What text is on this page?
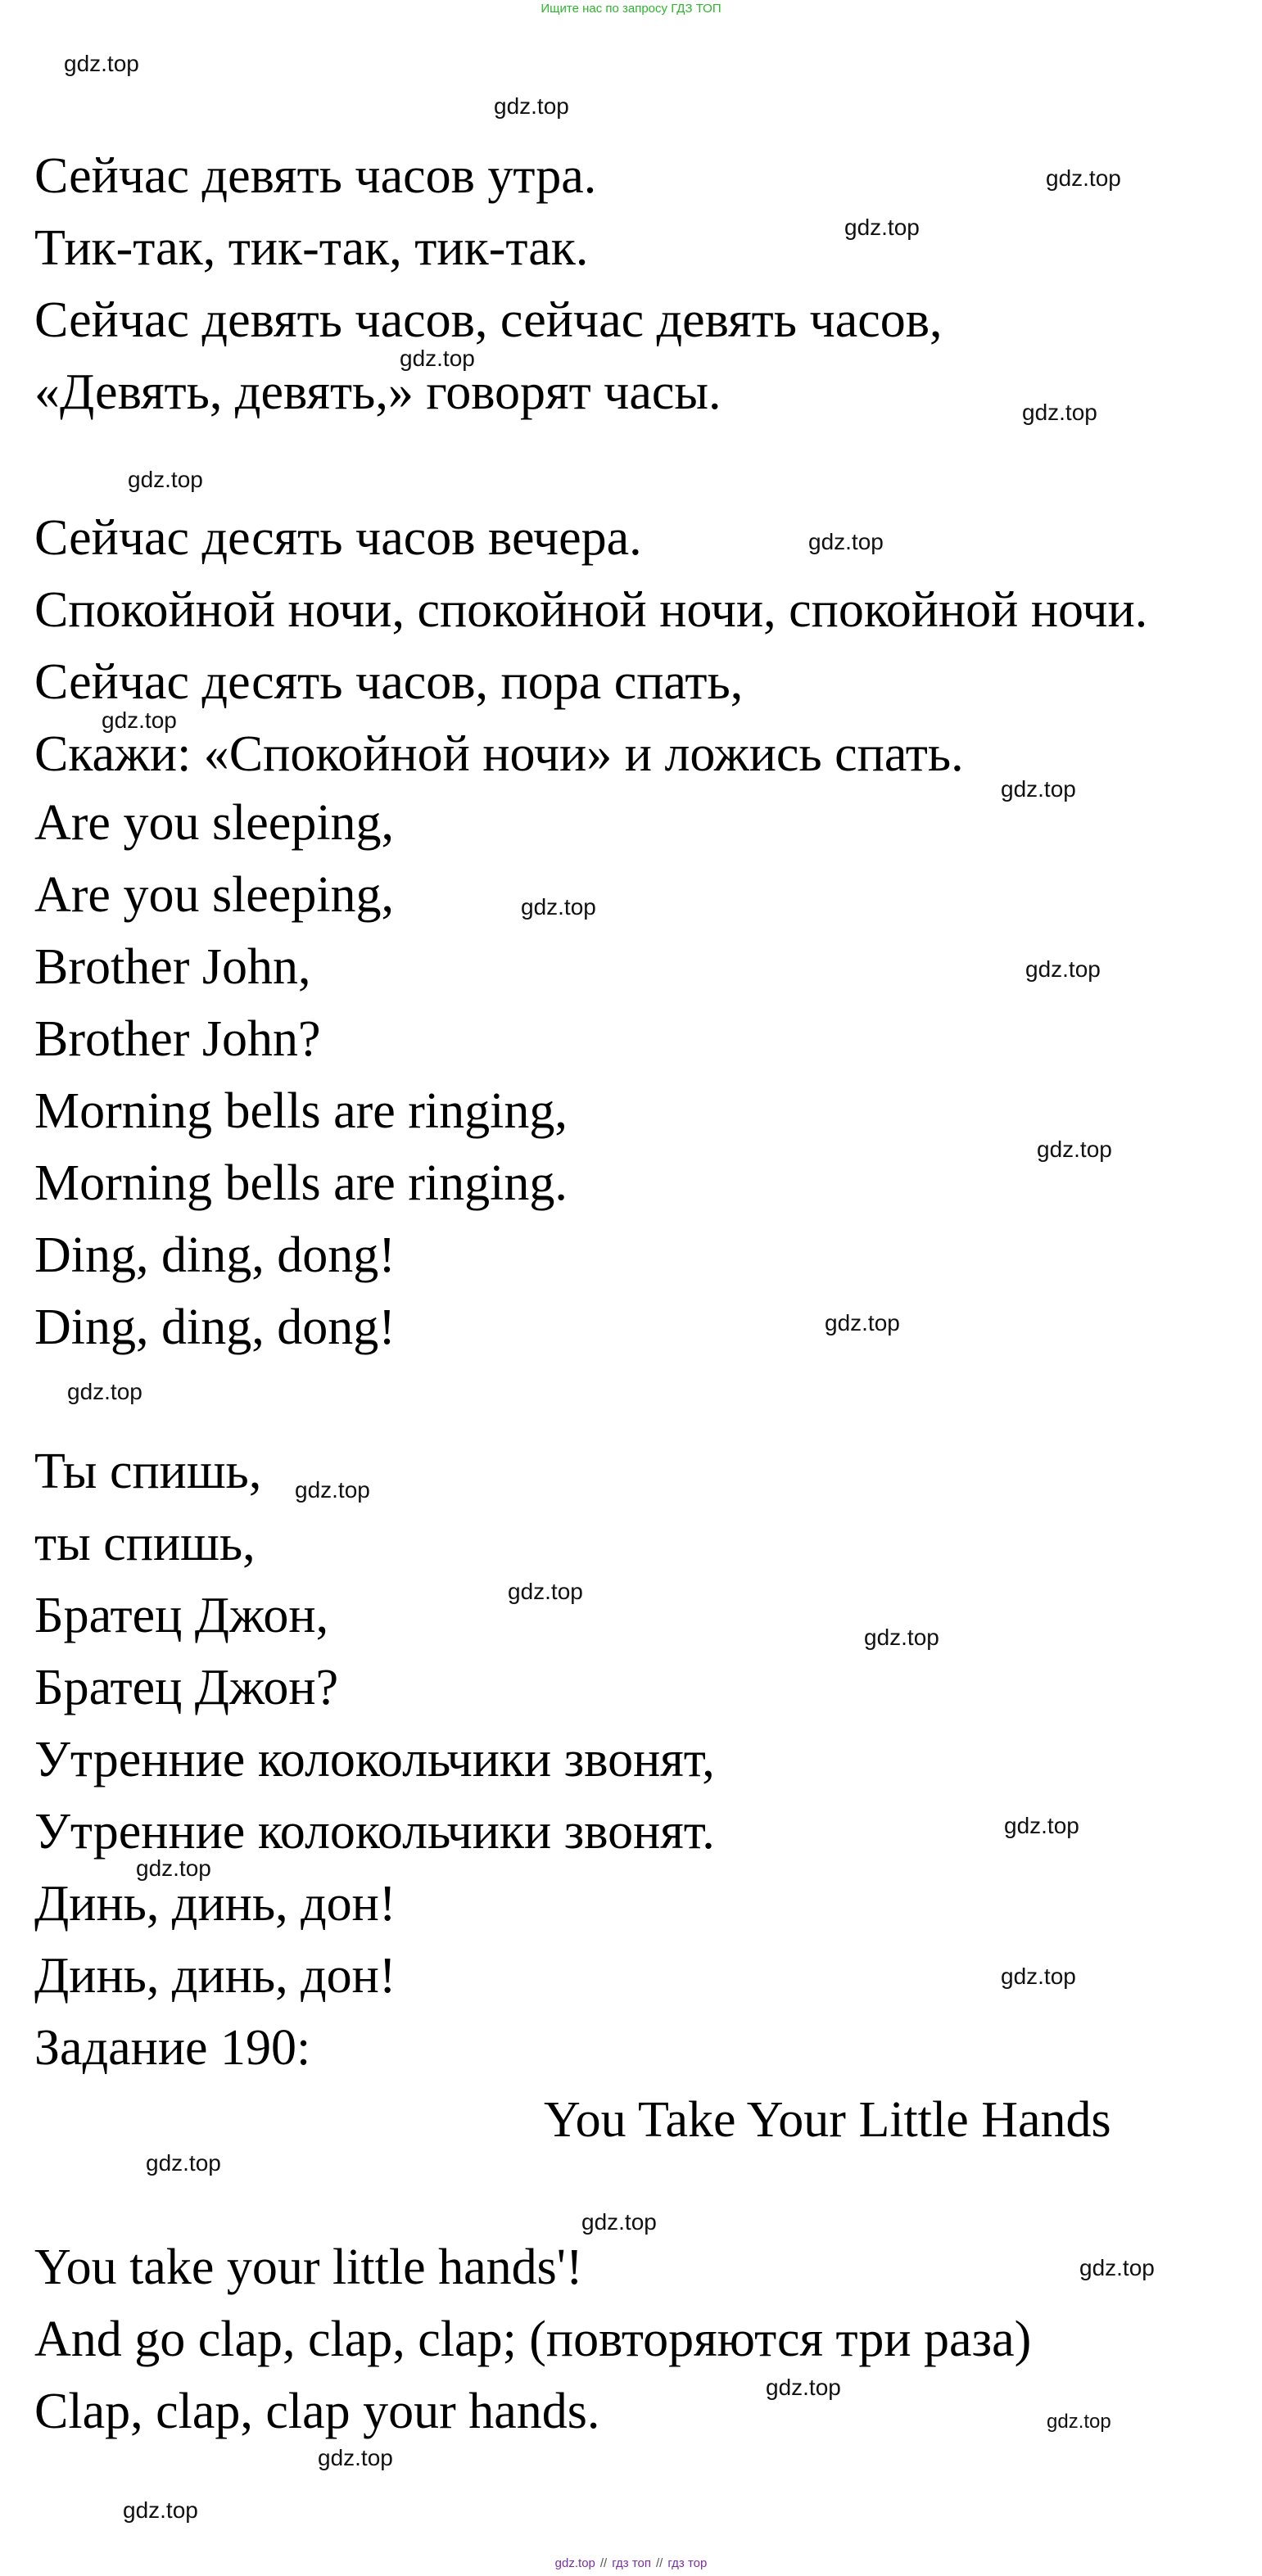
Ищите нас по запросу ГДЗ ТОП
Сейчас девять часов утра.
Тик-так, тик-так, тик-так.
Сейчас девять часов, сейчас девять часов,
«Девять, девять,» говорят часы.
Сейчас десять часов вечера.
Спокойной ночи, спокойной ночи, спокойной ночи.
Сейчас десять часов, пора спать,
Скажи: «Спокойной ночи» и ложись спать.
Are you sleeping,
Are you sleeping,
Brother John,
Brother John?
Morning bells are ringing,
Morning bells are ringing.
Ding, ding, dong!
Ding, ding, dong!
Ты спишь,
ты спишь,
Братец Джон,
Братец Джон?
Утренние колокольчики звонят,
Утренние колокольчики звонят.
Динь, динь, дон!
Динь, динь, дон!
Задание 190:
You Take Your Little Hands
You take your little hands'!
And go clap, clap, clap; (повторяются три раза)
Clap, clap, clap your hands.
gdz.top
gdz.top
gdz.top
gdz.top
gdz.top
gdz.top
gdz.top
gdz.top
gdz.top
gdz.top
gdz.top
gdz.top
gdz.top
gdz.top
gdz.top
gdz.top
gdz.top
gdz.top
gdz.top
gdz.top
gdz.top
gdz.top
gdz.top
gdz.top
gdz.top
gdz.top
gdz.top
gdz.top
gdz.top // гдз топ // гдз тор
